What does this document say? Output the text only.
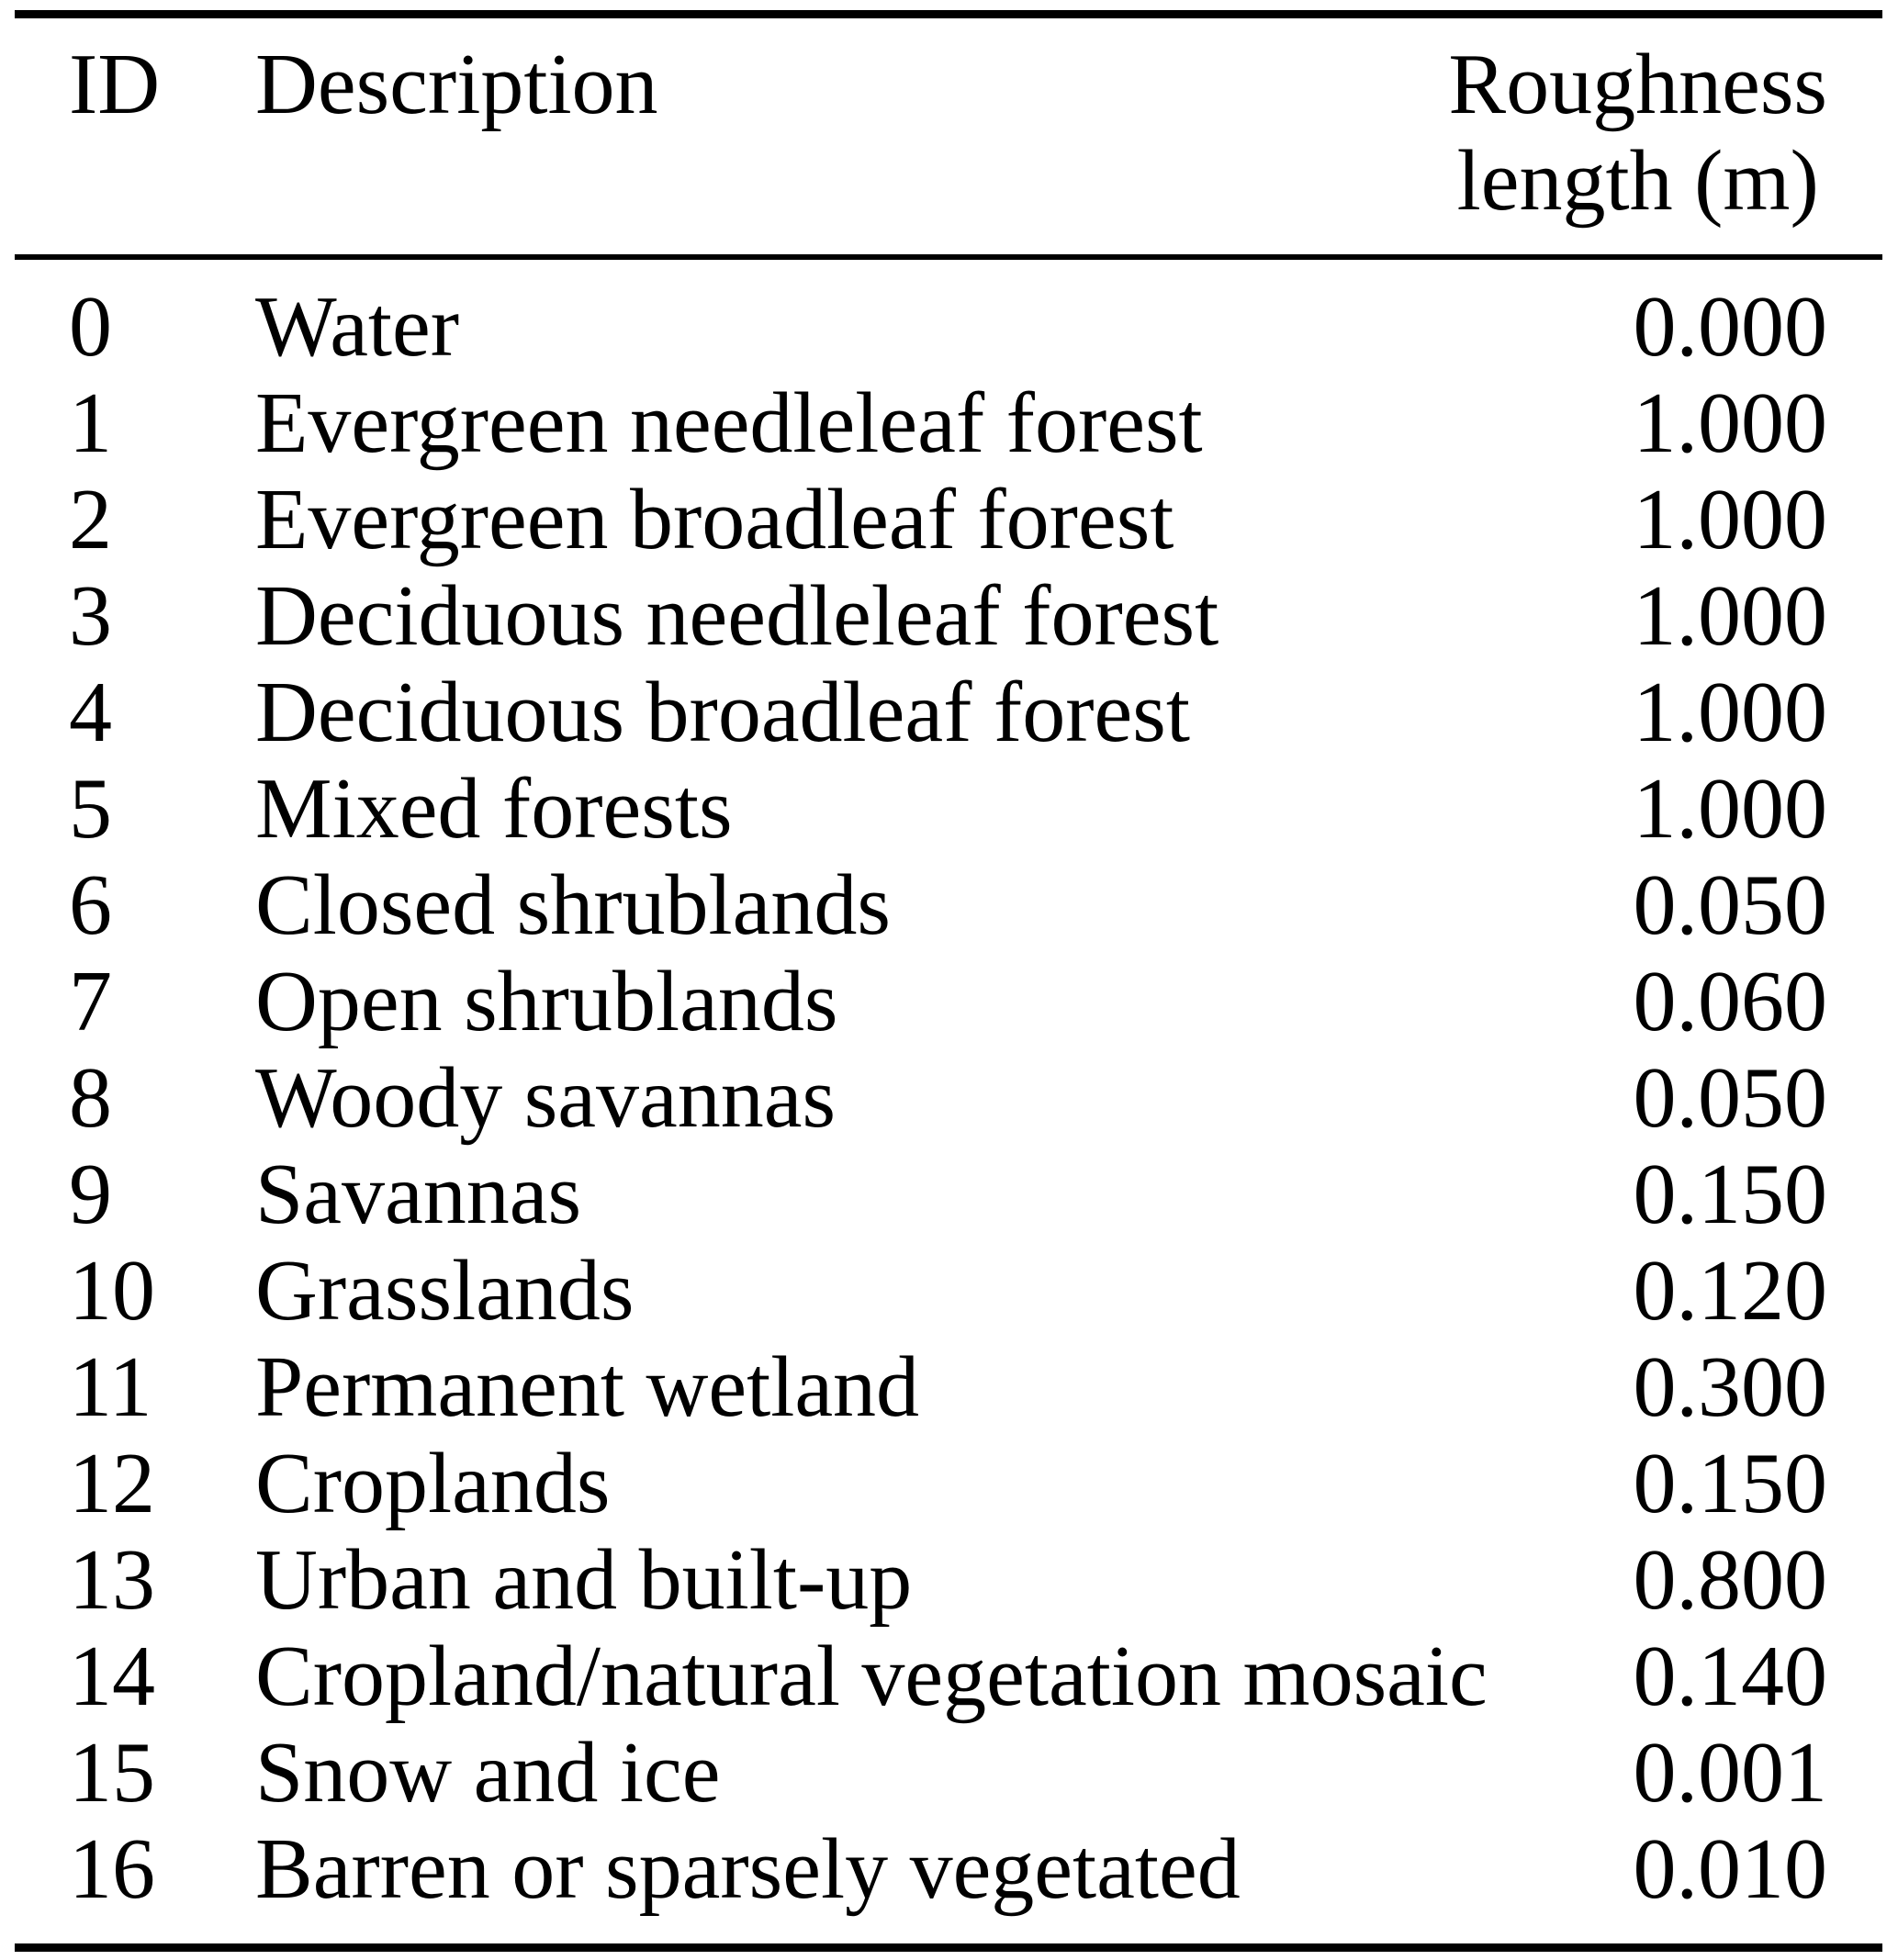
ID	Description	Roughness
length (m)
0	Water	0.000
1	Evergreen needleleaf forest	1.000
2	Evergreen broadleaf forest	1.000
3	Deciduous needleleaf forest	1.000
4	Deciduous broadleaf forest	1.000
5	Mixed forests	1.000
6	Closed shrublands	0.050
7	Open shrublands	0.060
8	Woody savannas	0.050
9	Savannas	0.150
10	Grasslands	0.120
11	Permanent wetland	0.300
12	Croplands	0.150
13	Urban and built-up	0.800
14	Cropland/natural vegetation mosaic	0.140
15	Snow and ice	0.001
16	Barren or sparsely vegetated	0.010
